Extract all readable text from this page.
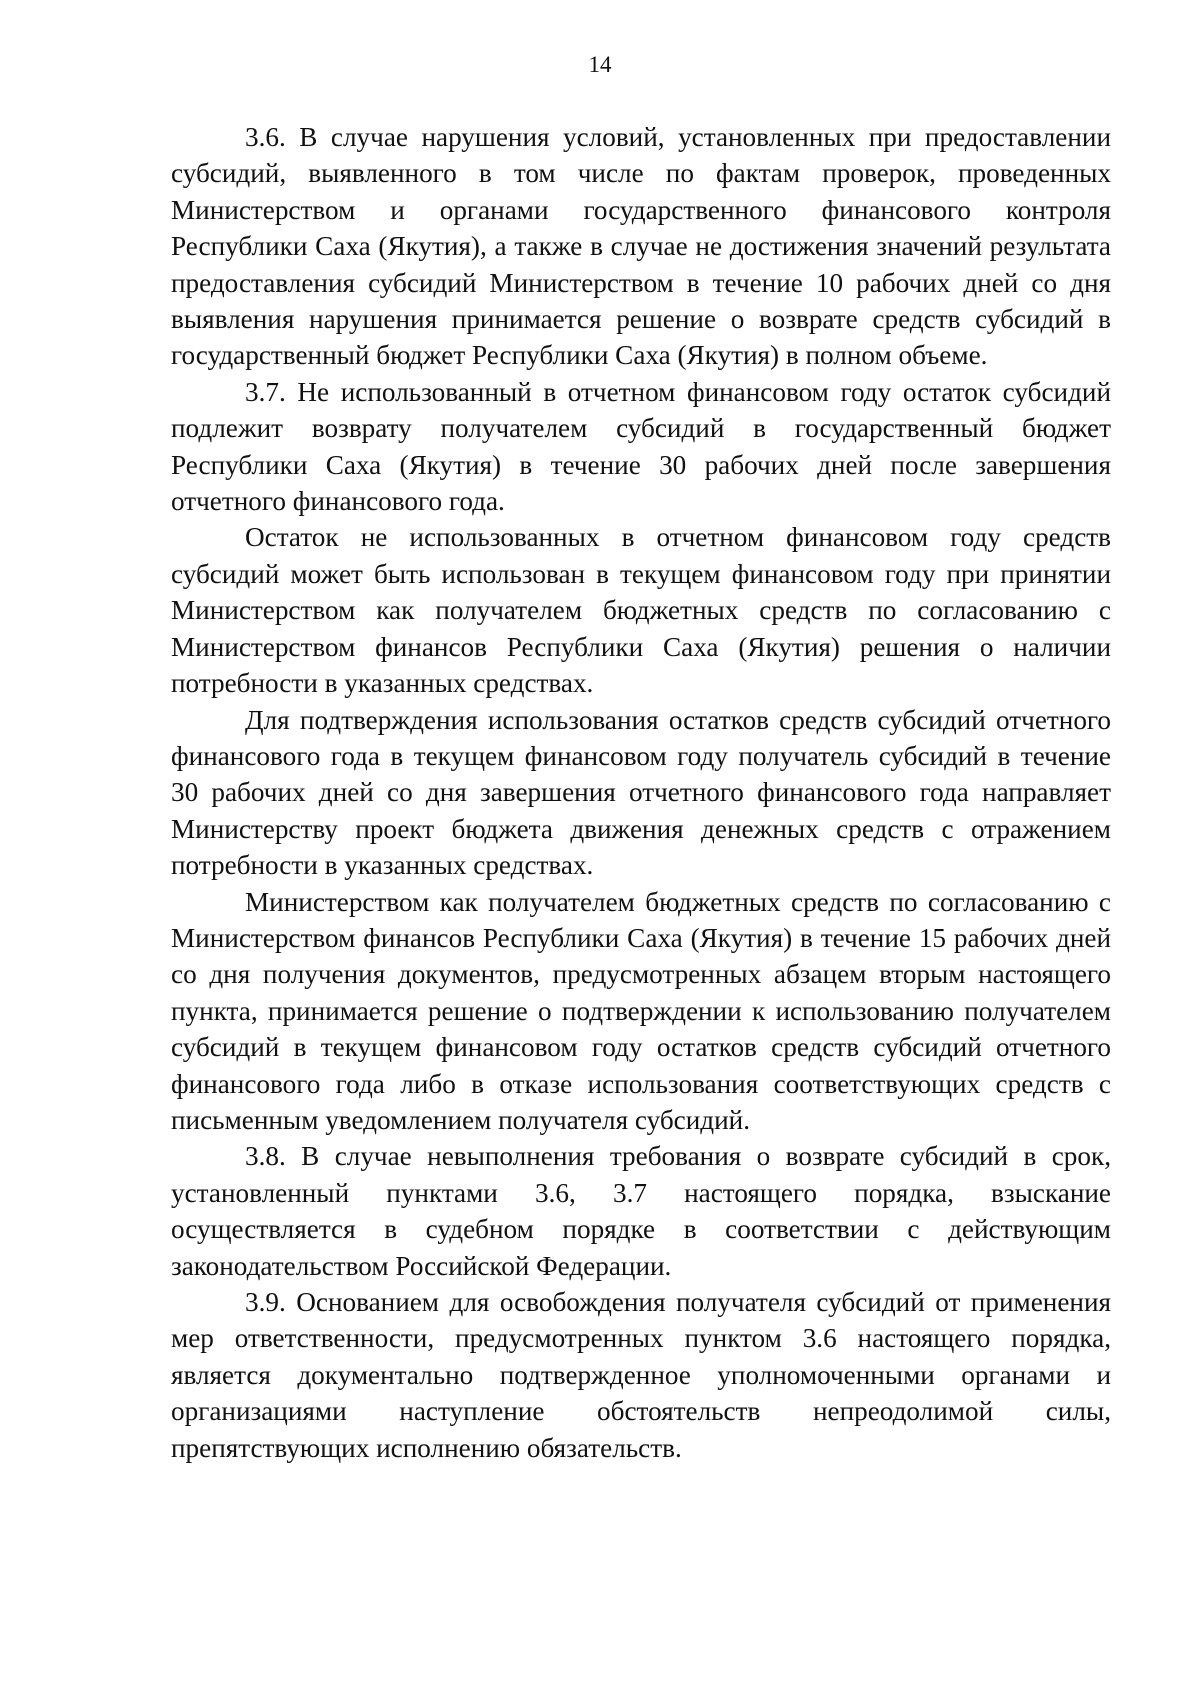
14

3.6. В случае нарушения условий, установленных при предоставлении субсидий, выявленного в том числе по фактам проверок, проведенных Министерством и органами государственного финансового контроля Республики Саха (Якутия), а также в случае не достижения значений результата предоставления субсидий Министерством в течение 10 рабочих дней со дня выявления нарушения принимается решение о возврате средств субсидий в государственный бюджет Республики Саха (Якутия) в полном объеме.

3.7. Не использованный в отчетном финансовом году остаток субсидий подлежит возврату получателем субсидий в государственный бюджет Республики Саха (Якутия) в течение 30 рабочих дней после завершения отчетного финансового года.

Остаток не использованных в отчетном финансовом году средств субсидий может быть использован в текущем финансовом году при принятии Министерством как получателем бюджетных средств по согласованию с Министерством финансов Республики Саха (Якутия) решения о наличии потребности в указанных средствах.

Для подтверждения использования остатков средств субсидий отчетного финансового года в текущем финансовом году получатель субсидий в течение 30 рабочих дней со дня завершения отчетного финансового года направляет Министерству проект бюджета движения денежных средств с отражением потребности в указанных средствах.

Министерством как получателем бюджетных средств по согласованию с Министерством финансов Республики Саха (Якутия) в течение 15 рабочих дней со дня получения документов, предусмотренных абзацем вторым настоящего пункта, принимается решение о подтверждении к использованию получателем субсидий в текущем финансовом году остатков средств субсидий отчетного финансового года либо в отказе использования соответствующих средств с письменным уведомлением получателя субсидий.

3.8. В случае невыполнения требования о возврате субсидий в срок, установленный пунктами 3.6, 3.7 настоящего порядка, взыскание осуществляется в судебном порядке в соответствии с действующим законодательством Российской Федерации.

3.9. Основанием для освобождения получателя субсидий от применения мер ответственности, предусмотренных пунктом 3.6 настоящего порядка, является документально подтвержденное уполномоченными органами и организациями наступление обстоятельств непреодолимой силы, препятствующих исполнению обязательств.
